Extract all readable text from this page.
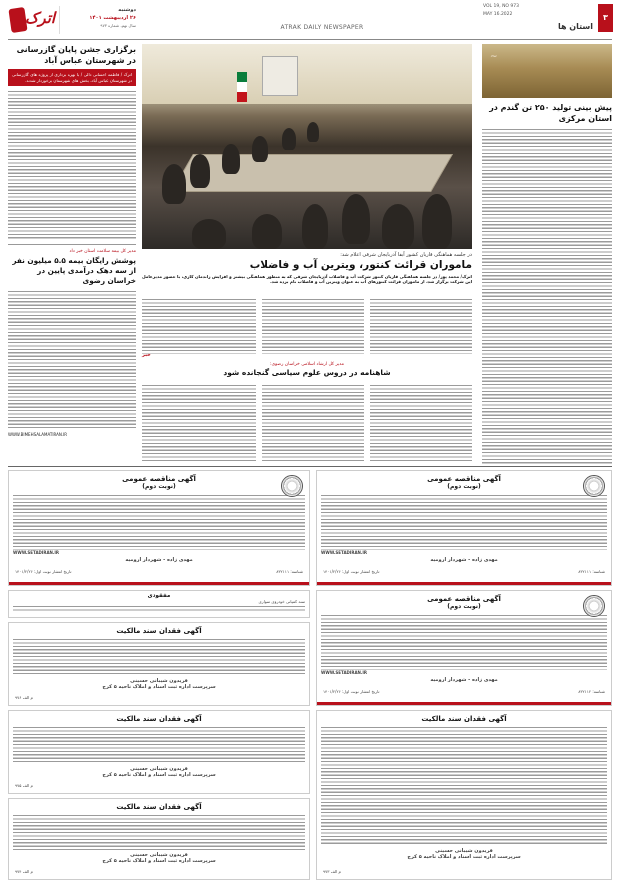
اترک	دوشنبه
۲۶ اردیبهشت ۱۴۰۱
سال نهم، شماره ۹۷۳	ATRAK DAILY NEWSPAPER
۳
استان ها
VOL 19, NO 973
MAY 16.2022
برگزاری جشن پایان گازرسانی در شهرستان عباس آباد
اترک / فاطمه احسانی دالی / با بهره برداری از پروژه های گازرسانی در شهرستان عباس آباد، بخش های شهرستان برخوردار شدند.
مدیر کل بیمه سلامت استان خبر داد
پوشش رایگان بیمه ۵.۵ میلیون نفر از سه دهک درآمدی پایین در خراسان رضوی
WWW.BIMEHSALAMATIRAN.IR
~
پیش بینی تولید ۲۵۰ تن گندم در استان مرکزی
در جلسه هماهنگی قاریان کشور آبفا آذربایجان شرقی اعلام شد:
ماموران قرائت کنتور، ویترین آب و فاضلاب
اترک/ محمد پور/ در جلسه هماهنگی قاریان کنتور شرکت آب و فاضلاب آذربایجان شرقی که به منظور هماهنگی بیشتر و افزایش راندمان کاری، با حضور مدیرعامل این شرکت برگزار شد، از ماموران قرائت کنتورهای آب به عنوان ویترین آب و فاضلاب نام برده شد.
خبر
مدیر کل ارشاد اسلامی خراسان رضوی:
شاهنامه در دروس علوم سیاسی گنجانده شود
آگهی مناقصه عمومی
(نوبت دوم)
WWW.SETADIRAN.IR
مهدی زاده - شهردار ارومیه
تاریخ انتشار نوبت اول: ۱۴۰۱/۲/۲۶	شناسه: ۸۳۲۱۱۱
آگهی مناقصه عمومی
(نوبت دوم)
WWW.SETADIRAN.IR
مهدی زاده - شهردار ارومیه
تاریخ انتشار نوبت اول: ۱۴۰۱/۲/۲۶	شناسه: ۸۳۲۱۱۱
آگهی مناقصه عمومی
(نوبت دوم)
WWW.SETADIRAN.IR
مهدی زاده - شهردار ارومیه
تاریخ انتشار نوبت اول: ۱۴۰۱/۲/۲۶	شناسه: ۸۳۲۱۱۲
مفقودی
سند کمپانی خودروی سواری
آگهی فقدان سند مالکیت
فریدون شیبانی حسینی
سرپرست اداره ثبت اسناد و املاک ناحیه ۵ کرج
م الف ۹۷۶
آگهی فقدان سند مالکیت
فریدون شیبانی حسینی
سرپرست اداره ثبت اسناد و املاک ناحیه ۵ کرج
م الف ۹۷۵
آگهی فقدان سند مالکیت
فریدون شیبانی حسینی
سرپرست اداره ثبت اسناد و املاک ناحیه ۵ کرج
م الف ۹۷۴
آگهی فقدان سند مالکیت
فریدون شیبانی حسینی
سرپرست اداره ثبت اسناد و املاک ناحیه ۵ کرج
م الف ۹۷۳
